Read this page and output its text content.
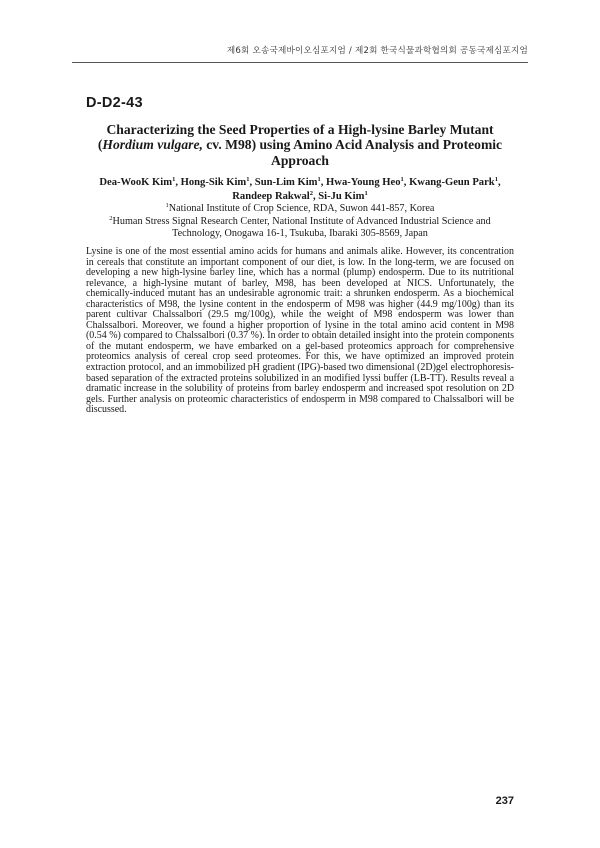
제6회 오송국제바이오심포지엄 / 제2회 한국식물과학협의회 공동국제심포지엄
D-D2-43
Characterizing the Seed Properties of a High-lysine Barley Mutant (Hordium vulgare, cv. M98) using Amino Acid Analysis and Proteomic Approach
Dea-WooK Kim$^1$, Hong-Sik Kim$^1$, Sun-Lim Kim$^1$, Hwa-Young Heo$^1$, Kwang-Geun Park$^1$,
Randeep Rakwal$^2$, Si-Ju Kim$^1$
$^1$National Institute of Crop Science, RDA, Suwon 441-857, Korea
$^2$Human Stress Signal Research Center, National Institute of Advanced Industrial Science and Technology, Onogawa 16-1, Tsukuba, Ibaraki 305-8569, Japan

Lysine is one of the most essential amino acids for humans and animals alike. However, its concentration in cereals that constitute an important component of our diet, is low. In the long-term, we are focused on developing a new high-lysine barley line, which has a normal (plump) endosperm. Due to its nutritional relevance, a high-lysine mutant of barley, M98, has been developed at NICS. Unfortunately, the chemically-induced mutant has an undesirable agronomic trait: a shrunken endosperm. As a biochemical characteristics of M98, the lysine content in the endosperm of M98 was higher (44.9 mg/100g) than its parent cultivar Chalssalbori (29.5 mg/100g), while the weight of M98 endosperm was lower than Chalssalbori. Moreover, we found a higher proportion of lysine in the total amino acid content in M98 (0.54 %) compared to Chalssalbori (0.37 %). In order to obtain detailed insight into the protein components of the mutant endosperm, we have embarked on a gel-based proteomics approach for comprehensive proteomics analysis of cereal crop seed proteomes. For this, we have optimized an improved protein extraction protocol, and an immobilized pH gradient (IPG)-based two dimensional (2D)gel electrophoresis-based separation of the extracted proteins solubilized in an modified lyssi buffer (LB-TT). Results reveal a dramatic increase in the solubility of proteins from barley endosperm and increased spot resolution on 2D gels. Further analysis on proteomic characteristics of endosperm in M98 compared to Chalssalbori will be discussed.

237
